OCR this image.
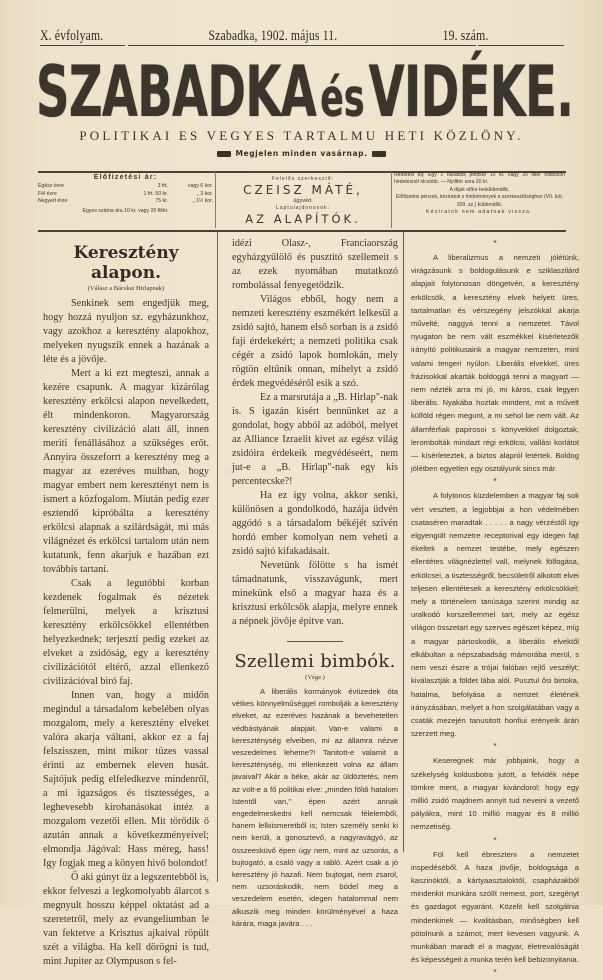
X. évfolyam.	Szabadka, 1902. május 11.	19. szám.
SZABADKAésVIDÉKE.
POLITIKAI ES VEGYES TARTALMU HETI KÖZLÖNY.
Megjelen minden vasárnap.
Előfizetési ár:
Egész évre	3 frt.	vagy 6 kor.
Fél évre	1 frt. 50 kr.	„ 3 kor.
Negyed évre	75 kr.	„ 1½ kor.
Egyes száma ára 10 kr. vagy 20 fillér.
Felelős szerkesztő:
CZEISZ MÁTÉ,
ügyvéd.
Laptulajdonosok:
AZ ALAPÍTÓK.
Hirdetési díj: Egy 1 hasábos petitsor 10 kr. vagy 20 fillér többszöri hirdetésnél olcsóbb. — Nyilttér sora 20 kr.
A díjak előre beküldendők.
Előfizetési pénzek, kéziratok s hirdetmények a szerkesztőséghez (VII. kör, 209. sz.) küldendők.
Kéziratok nem adatnak vissza.
Keresztény alapon.
(Válasz a Bácskai Hirlapnak)

Senkinek sem engedjük meg, hogy hozzá nyuljon sz. egyházunkhoz, vagy azokhoz a keresztény alapokhoz, melyeken nyugszik ennek a hazának a léte és a jövője.

Mert a ki ezt megteszi, annak a kezére csapunk. A magyar kizárólag keresztény erkölcsi alapon nevelkedett, élt mindenkoron. Magyarország keresztény civilizáció alatt áll, innen meriti fenállásához a szükséges erőt. Annyira összeforrt a keresztény meg a magyar az ezeréves multban, hogy magyar embert nem keresztényt nem is ismert a közfogalom. Miután pedig ezer esztendő kipróbálta a keresztény erkölcsi alapnak a szilárdságát, mi más világnézet és erkölcsi tartalom után nem kutatunk, fenn akarjuk e hazában ezt továbbis tartani.

Csak a legutóbbi korban kezdenek fogalmak és nézetek felmerülni, melyek a krisztusi keresztény erkölcsökkel ellentétben helyezkednek; terjeszti pedig ezeket az elveket a zsidóság, egy a keresztény civilizációtól eltérő, azzal ellenkező civilizációval biró faj.

Innen van, hogy a midőn megindul a társadalom kebelében olyas mozgalom, mely a keresztény elveket valóra akarja váltani, akkor ez a faj felszisszen, mint mikor tüzes vassal érinti az embernek eleven husát. Sajtójuk pedig elfeledkezve mindenről, a mi igazságos és tisztességes, a leghevesebb kirohanásokat intéz a mozgalom vezetői ellen. Mit törődik ő azután annak a következményeivel; elmondja Jágóval: Hass méreg, hass! Igy fogjak meg a könyen hivő bolondot!

Ő aki gúnyt űz a legszentebből is, ekkor felveszi a legkomolyabb álarcot s megnyult hosszu képpel oktatást ad a szeretetről, mely az evangeliumban le van fektetve a Krisztus ajkaival röpült szét a világba. Ha kell dörögni is tud, mint Jupiter az Olympuson s fel-

idézi Olasz-, Franciaország egyházgyűlölő és pusztitó szellemeit s az ezek nyomában mutatkozó rombolással fenyegetődzik.

Világos ebből, hogy nem a nemzeti keresztény eszmékért lelkesül a zsidó sajtó, hanem első sorban is a zsidó faji érdekekért; a nemzeti politika csak cégér a zsidó lapok homlokán, mely rögtön eltűnik onnan, mihelyt a zsidó érdek megvédéséről esik a szó.

Ez a marsrutája a „B. Hirlap"-nak is. S igazán kisért bennünket az a gondolat, hogy abból az adóból, melyet az Alliance Izraelit kivet az egész világ zsidóira érdekeik megvédéseért, nem jut-e a „B. Hirlap"-nak egy kis percentecske?!

Ha ez így volna, akkor senki, különösen a gondolkodó, hazája üdvén aggódó s a társadalom békéjét szivén hordó ember komolyan nem veheti a zsidó sajtó kifakadásait.

Nevetünk fölötte s ha ismét támadnatunk, visszavágunk, mert minekünk első a magyar haza és a krisztusi erkölcsök alapja, melyre ennek a népnek jövője épitve van.

Szellemi bimbók.
(Vége.)

A liberális kormányok évtizedek óta vétkes könnyelműséggel rombolják a keresztény elveket, az ezeréves hazának a bevehetetlen védbástyának alapjait. Van-e valami a kereszténység elveiben, mi az államra nézve veszedelmes lehetne?! Tanitott-e valamit a kereszténység, mi ellenkezett volna az állam javaival? Akár a béke, akár az üldöztetés, nem az volt-e a fő politikai elve: „minden földi hatalom Istentől van," épen azért annak engedelmeskedni kell nemcsak félelemből, hanem lelkiismeretből is; Isten személy senki ki nem kerüli, a gonosztevő, a nagyravágyó, az összeesküvő épen úgy nem, mint az uzsorás, a bujtogató, a csaló vagy a rabló. Azért csak a jó keresztény jó hazafi. Nem bujtogat, nem zsarol, nem uzsoráskodik, nem bódel meg a veszedelem esetén, idegen hatalommal nem alkuszik meg minden körülményével a haza kárára, maga javára . . .

*

A liberalizmus a nemzeti jólétünk, virágzásunk s boldogulásunk e sziklaszilárd alapjait folytonosan döngetvén, a keresztény erkölcsök, a keresztény elvek helyett üres, tartalmatlan és vérszegény jelszókkal akarja művelté, naggyá tenni a nemzetet. Távol nyugaton be nem vált eszmékkel kísérletezők irányító politikusaink a magyar nemzeten, mint valami tengeri nyúlon. Liberális elvekkel, üres frázisokkal akarták boldoggá tenni a magyart — nem nézték arra mi jó, mi káros, csak legyen liberális. Nyakába hoztak mindent, mit a művelt külföld régen megunt, a mi sehol be nem vált. Az államférfiak papirosoi s könyvekkel dolgoztak, lerombolták mindazt régi erkölcsi, vallási korlátot — kísérleteztek, a biztos alapról letértek. Boldog jólétben egyetlen egy osztályunk sincs már.

*

A folytonos küzdelemben a magyar faj sok vért vesztett, a legjobbjai a hon védelmében csataséren maradtak . . . . . a nagy vérzéstől így elgyengült nemzetre receptorival egy idegen fajt ékeltek a nemzet testébe, mely egészen ellentétes világnézlettel vall, melynek fölfogása, erkölcsei, a tisztességről, becsületről alkotott elvei teljesen ellentétesek a keresztény erkölcsökkel; mely a történelem tanúsága szerint mindig az uralkodó korszellemmel tart, mely az egész világon összetart egy szerves egészet képez, míg a magyar pártoskodik, a liberális elvektől elkábultan a népszabadság mámorába merül, s nem veszi észre a trójai falóban rejlő veszélyt; kiválasztják a földet lába alól. Pusztul ősi birtoka, hatalma, befolyása a nemzet életének irányzásában, melyet a hon szolgálatában vagy a csaták mezején tanusitott honfiui erényeik árán szerzett meg.

*

Keseregnek már jobbjaink, hogy a székelység koldusbotra jutott, a felvidék népe tömkre ment, a magyar kivándorol; hogy egy millió zsidó majdnem annyit tud neveini a vezető pályákra, mint 10 millió magyar és 8 millió nemzetiség.

*

Föl kell ébreszteni a nemzetet inspedéséből. A haza jövője, boldogsága a kaszinóktól, a kártyaasztaloktól, csapházakból mindenkit munkára szólít nemest, port, szegényt és gazdagot egyaránt. Közelit kell szolgálnia mindenkinek — kvalitásban, minőségben kell pótolnunk a számot, mert kevesen vagyunk. A munkában maradt el a magyar, életrevalóságát és képességeit a munka terén kell bebizonyitania.

*
